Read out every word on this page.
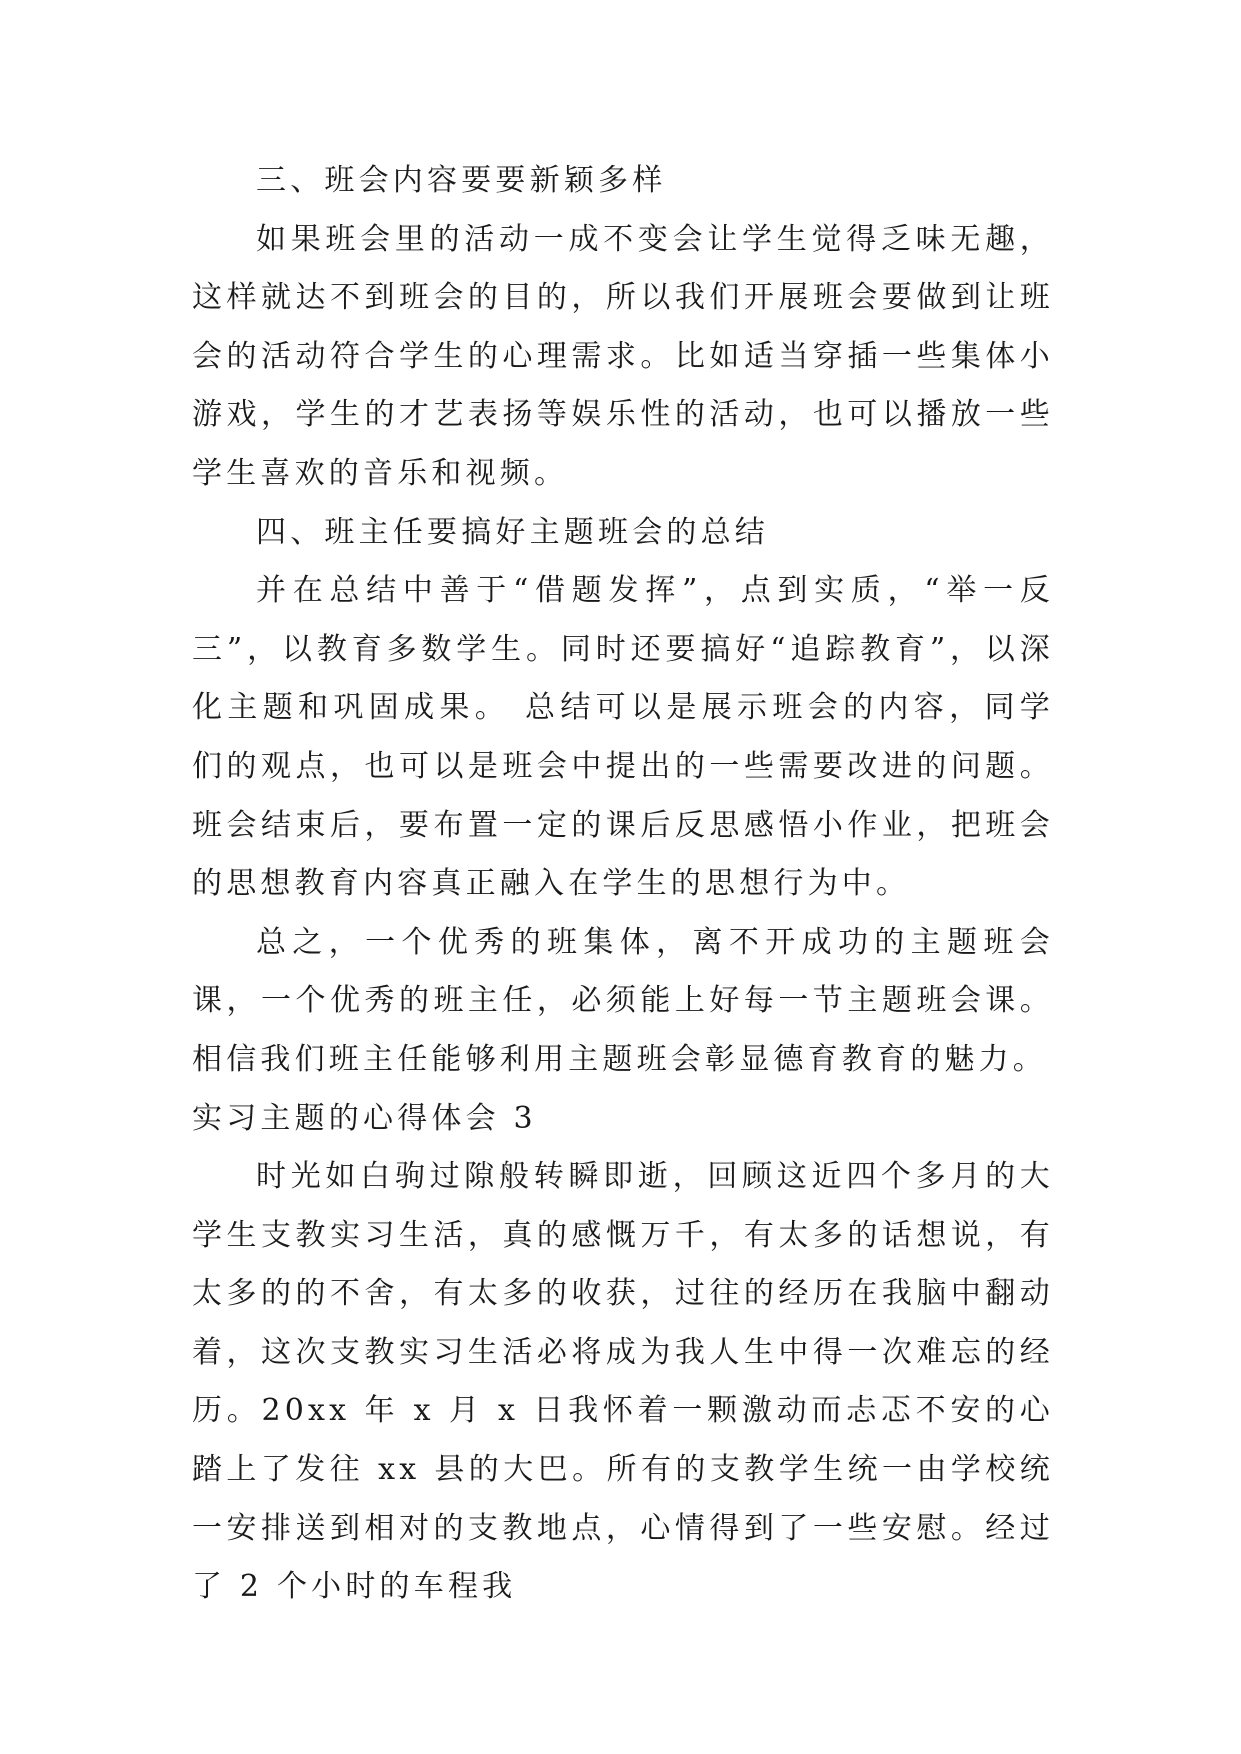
三、班会内容要要新颖多样

如果班会里的活动一成不变会让学生觉得乏味无趣，这样就达不到班会的目的，所以我们开展班会要做到让班会的活动符合学生的心理需求。比如适当穿插一些集体小游戏，学生的才艺表扬等娱乐性的活动，也可以播放一些学生喜欢的音乐和视频。

四、班主任要搞好主题班会的总结

并在总结中善于“借题发挥”，点到实质，“举一反三”，以教育多数学生。同时还要搞好“追踪教育”，以深化主题和巩固成果。 总结可以是展示班会的内容，同学们的观点，也可以是班会中提出的一些需要改进的问题。班会结束后，要布置一定的课后反思感悟小作业，把班会的思想教育内容真正融入在学生的思想行为中。

总之，一个优秀的班集体，离不开成功的主题班会课，一个优秀的班主任，必须能上好每一节主题班会课。相信我们班主任能够利用主题班会彰显德育教育的魅力。

实习主题的心得体会 3

时光如白驹过隙般转瞬即逝，回顾这近四个多月的大学生支教实习生活，真的感慨万千，有太多的话想说，有太多的的不舍，有太多的收获，过往的经历在我脑中翻动着，这次支教实习生活必将成为我人生中得一次难忘的经历。20xx 年 x 月 x 日我怀着一颗激动而忐忑不安的心踏上了发往 xx 县的大巴。所有的支教学生统一由学校统一安排送到相对的支教地点，心情得到了一些安慰。经过了 2 个小时的车程我
